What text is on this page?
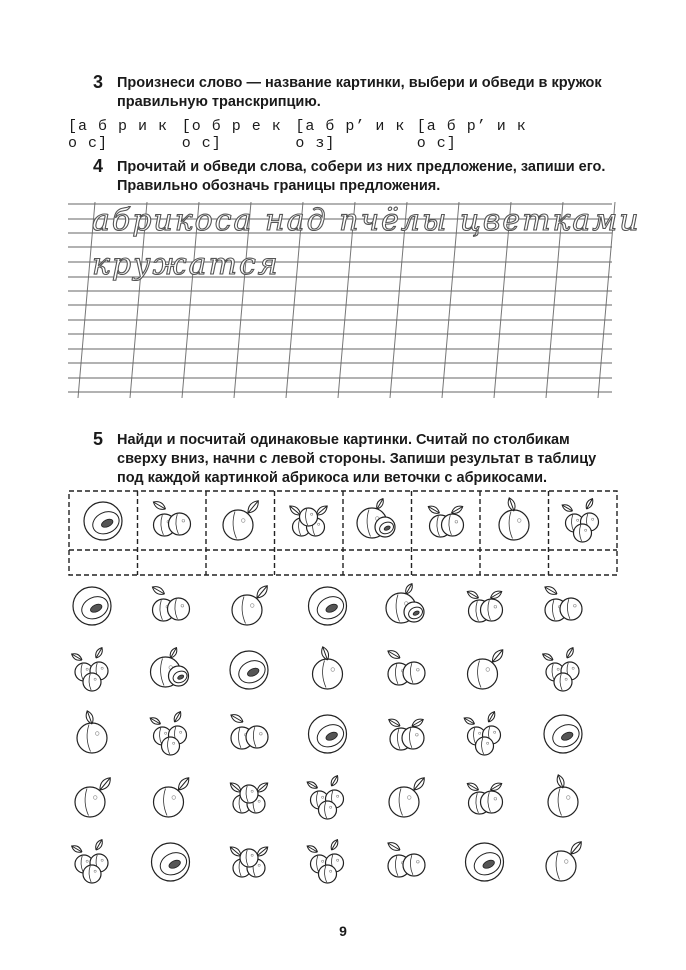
3 Произнеси слово — название картинки, выбери и обведи в кружок
правильную транскрипцию.
[а б р и к о с]
[о б р е к о с]
[а б р’ и к о з]
[а б р’ и к о с]
4 Прочитай и обведи слова, собери из них предложение, запиши его.
Правильно обозначь границы предложения.
абрикоса над пчёлы цветками
кружатся
5 Найди и посчитай одинаковые картинки. Считай по столбикам
сверху вниз, начни с левой стороны. Запиши результат в таблицу
под каждой картинкой абрикоса или веточки с абрикосами.
9
